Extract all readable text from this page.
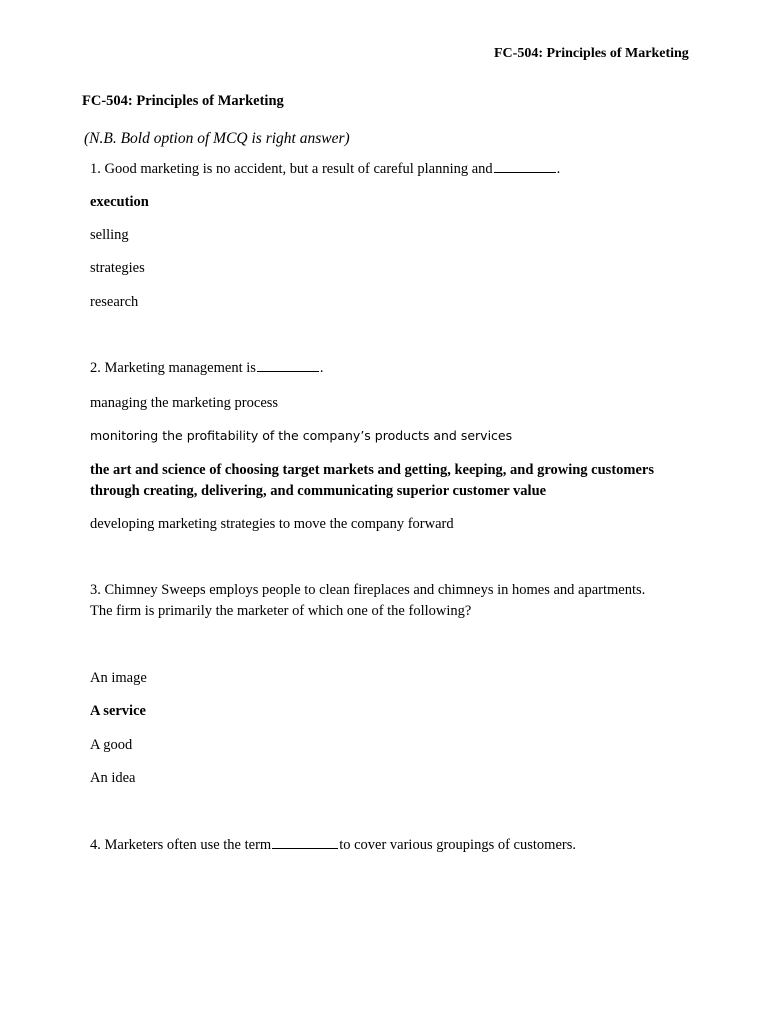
FC-504: Principles of Marketing
FC-504: Principles of Marketing
(N.B. Bold option of MCQ is right answer)
1. Good marketing is no accident, but a result of careful planning and	.
execution
selling
strategies
research
2. Marketing management is	.
managing the marketing process
monitoring the profitability of the company’s products and services
the art and science of choosing target markets and getting, keeping, and growing customers through creating, delivering, and communicating superior customer value
developing marketing strategies to move the company forward
3. Chimney Sweeps employs people to clean fireplaces and chimneys in homes and apartments.
The firm is primarily the marketer of which one of the following?
An image
A service
A good
An idea
4. Marketers often use the term	to cover various groupings of customers.
